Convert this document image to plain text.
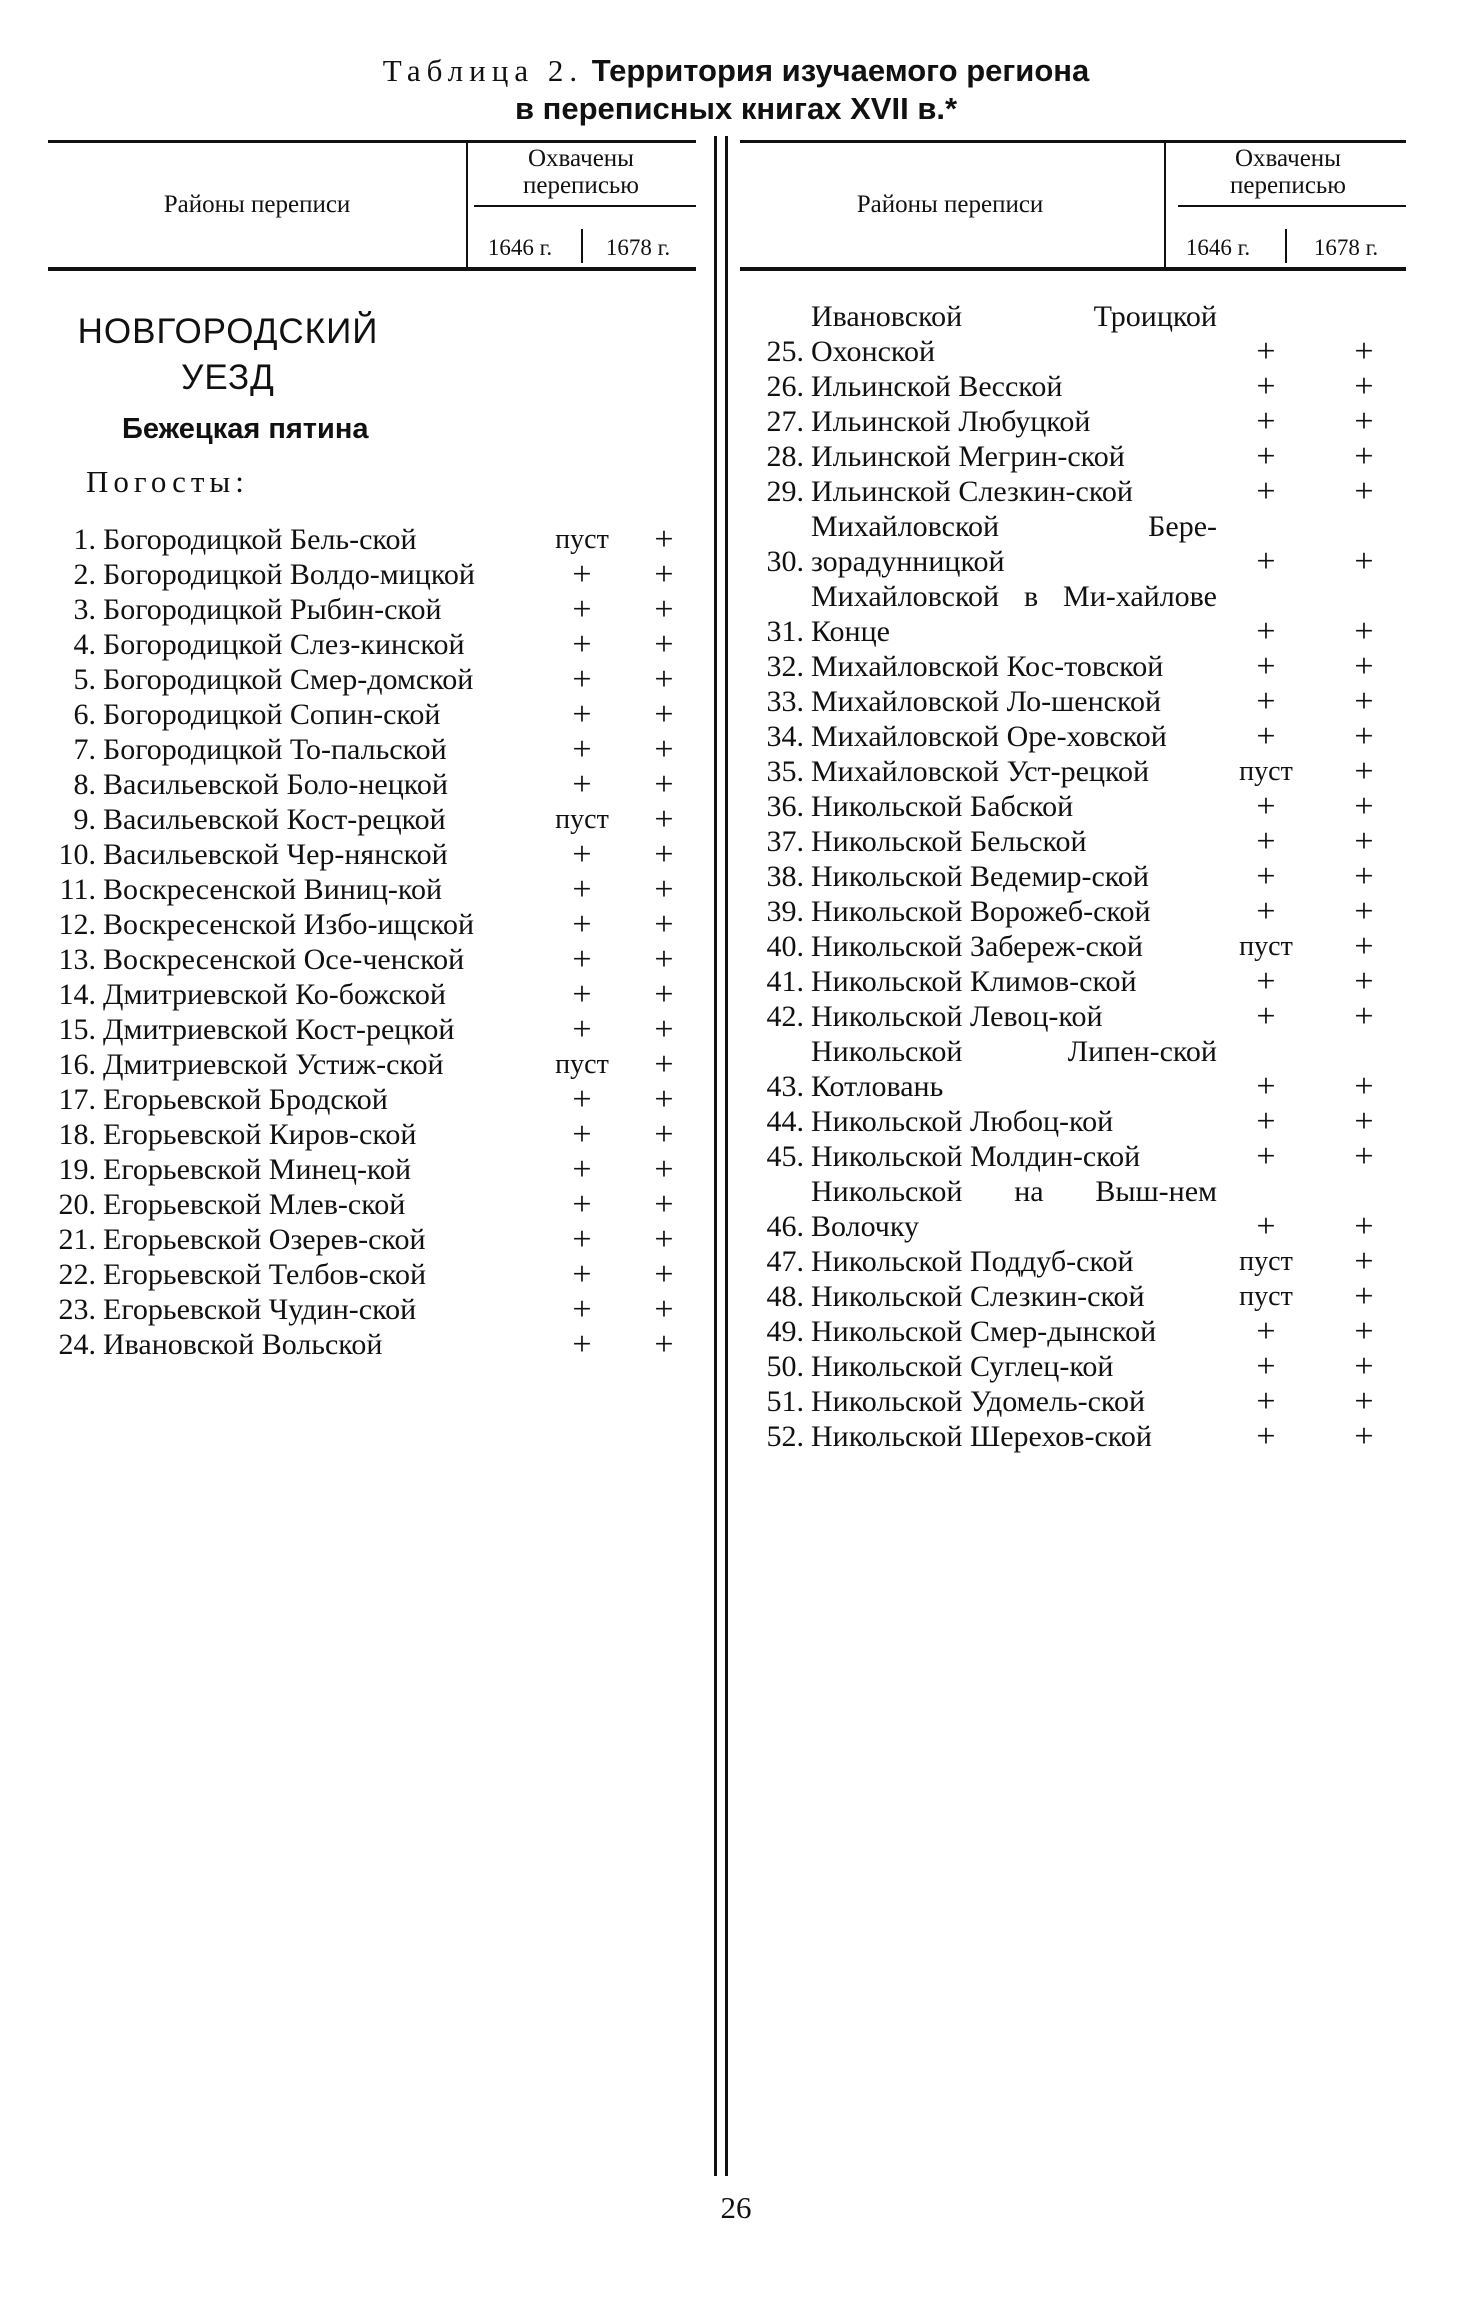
Таблица 2. Территория изучаемого региона
в переписных книгах XVII в.*
Районы переписи
Охвачены
переписью
1646 г.	1678 г.
НОВГОРОДСКИЙ
УЕЗД
Бежецкая пятина
Погосты:
1. Богородицкой Бель-ской	пуст	+
2. Богородицкой Волдо-мицкой	+	+
3. Богородицкой Рыбин-ской	+	+
4. Богородицкой Слез-кинской	+	+
5. Богородицкой Смер-домской	+	+
6. Богородицкой Сопин-ской	+	+
7. Богородицкой То-пальской	+	+
8. Васильевской Боло-нецкой	+	+
9. Васильевской Кост-рецкой	пуст	+
10. Васильевской Чер-нянской	+	+
11. Воскресенской Виниц-кой	+	+
12. Воскресенской Избо-ищской	+	+
13. Воскресенской Осе-ченской	+	+
14. Дмитриевской Ко-божской	+	+
15. Дмитриевской Кост-рецкой	+	+
16. Дмитриевской Устиж-ской	пуст	+
17. Егорьевской Бродской	+	+
18. Егорьевской Киров-ской	+	+
19. Егорьевской Минец-кой	+	+
20. Егорьевской Млев-ской	+	+
21. Егорьевской Озерев-ской	+	+
22. Егорьевской Телбов-ской	+	+
23. Егорьевской Чудин-ской	+	+
24. Ивановской Вольской	+	+
Районы переписи
Охвачены
переписью
1646 г.	1678 г.
25.
Ивановской Троицкой Охонской	+	+
26. Ильинской Веcской	+	+
27. Ильинской Любуцкой	+	+
28. Ильинской Мегрин-ской	+	+
29. Ильинской Слезкин-ской	+	+
30.
Михайловской Бере-зорадунницкой	+	+
31.
Михайловской в Ми-хайлове Конце	+	+
32. Михайловской Кос-товской	+	+
33. Михайловской Ло-шенской	+	+
34. Михайловской Оре-ховской	+	+
35. Михайловской Уст-рецкой	пуст	+
36. Никольской Бабской	+	+
37. Никольской Бельской	+	+
38. Никольской Ведемир-ской	+	+
39. Никольской Ворожеб-ской	+	+
40. Никольской Забереж-ской	пуст	+
41. Никольской Климов-ской	+	+
42. Никольской Левоц-кой	+	+
43.
Никольской Липен-ской Котловань	+	+
44. Никольской Любоц-кой	+	+
45. Никольской Молдин-ской	+	+
46.
Никольской на Выш-нем Волочку	+	+
47. Никольской Поддуб-ской	пуст	+
48. Никольской Слезкин-ской	пуст	+
49. Никольской Смер-дынской	+	+
50. Никольской Суглец-кой	+	+
51. Никольской Удомель-ской	+	+
52. Никольской Шерехов-ской	+	+
26
